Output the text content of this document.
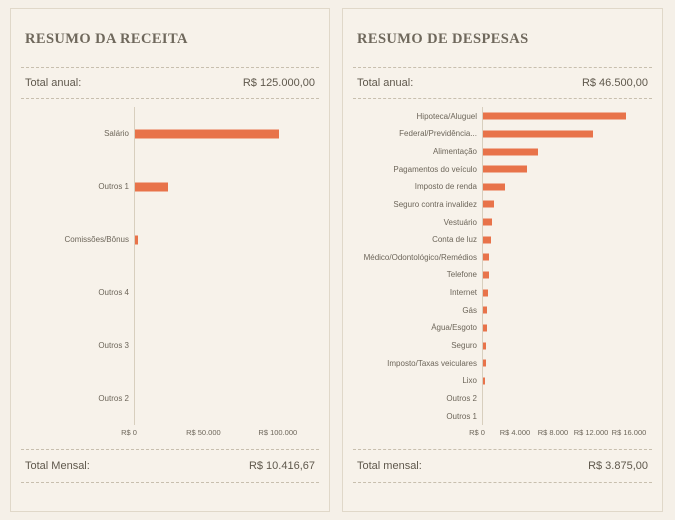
RESUMO DA RECEITA
Total anual:	R$ 125.000,00
Salário
Outros 1
Comissões/Bônus
Outros 4
Outros 3
Outros 2
R$ 0	R$ 50.000	R$ 100.000
Total Mensal:	R$ 10.416,67
RESUMO DE DESPESAS
Total anual:	R$ 46.500,00
Hipoteca/Aluguel
Federal/Previdência...
Alimentação
Pagamentos do veículo
Imposto de renda
Seguro contra invalidez
Vestuário
Conta de luz
Médico/Odontológico/Remédios
Telefone
Internet
Gás
Água/Esgoto
Seguro
Imposto/Taxas veiculares
Lixo
Outros 2
Outros 1
R$ 0 R$ 4.000 R$ 8.000 R$ 12.000 R$ 16.000
Total mensal:	R$ 3.875,00
